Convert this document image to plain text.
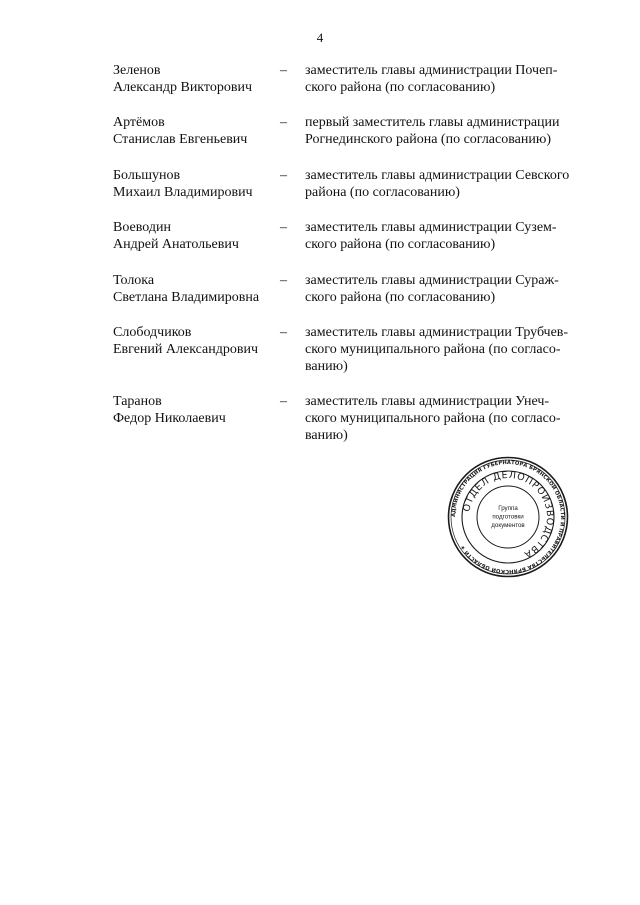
4
Зеленов
Александр Викторович
– заместитель главы администрации Почеп-
ского района (по согласованию)
Артёмов
Станислав Евгеньевич
– первый заместитель главы администрации
Рогнединского района (по согласованию)
Большунов
Михаил Владимирович
– заместитель главы администрации Севского
района (по согласованию)
Воеводин
Андрей Анатольевич
– заместитель главы администрации Сузем-
ского района (по согласованию)
Толока
Светлана Владимировна
– заместитель главы администрации Сураж-
ского района (по согласованию)
Слободчиков
Евгений Александрович
– заместитель главы администрации Трубчев-
ского муниципального района (по согласо-
ванию)
Таранов
Федор Николаевич
– заместитель главы администрации Унеч-
ского муниципального района (по согласо-
ванию)
АДМИНИСТРАЦИЯ ГУБЕРНАТОРА БРЯНСКОЙ ОБЛАСТИ И ПРАВИТЕЛЬСТВА БРЯНСКОЙ ОБЛАСТИ ★
ОТДЕЛ ДЕЛОПРОИЗВОДСТВА
Группа
подготовки
документов
